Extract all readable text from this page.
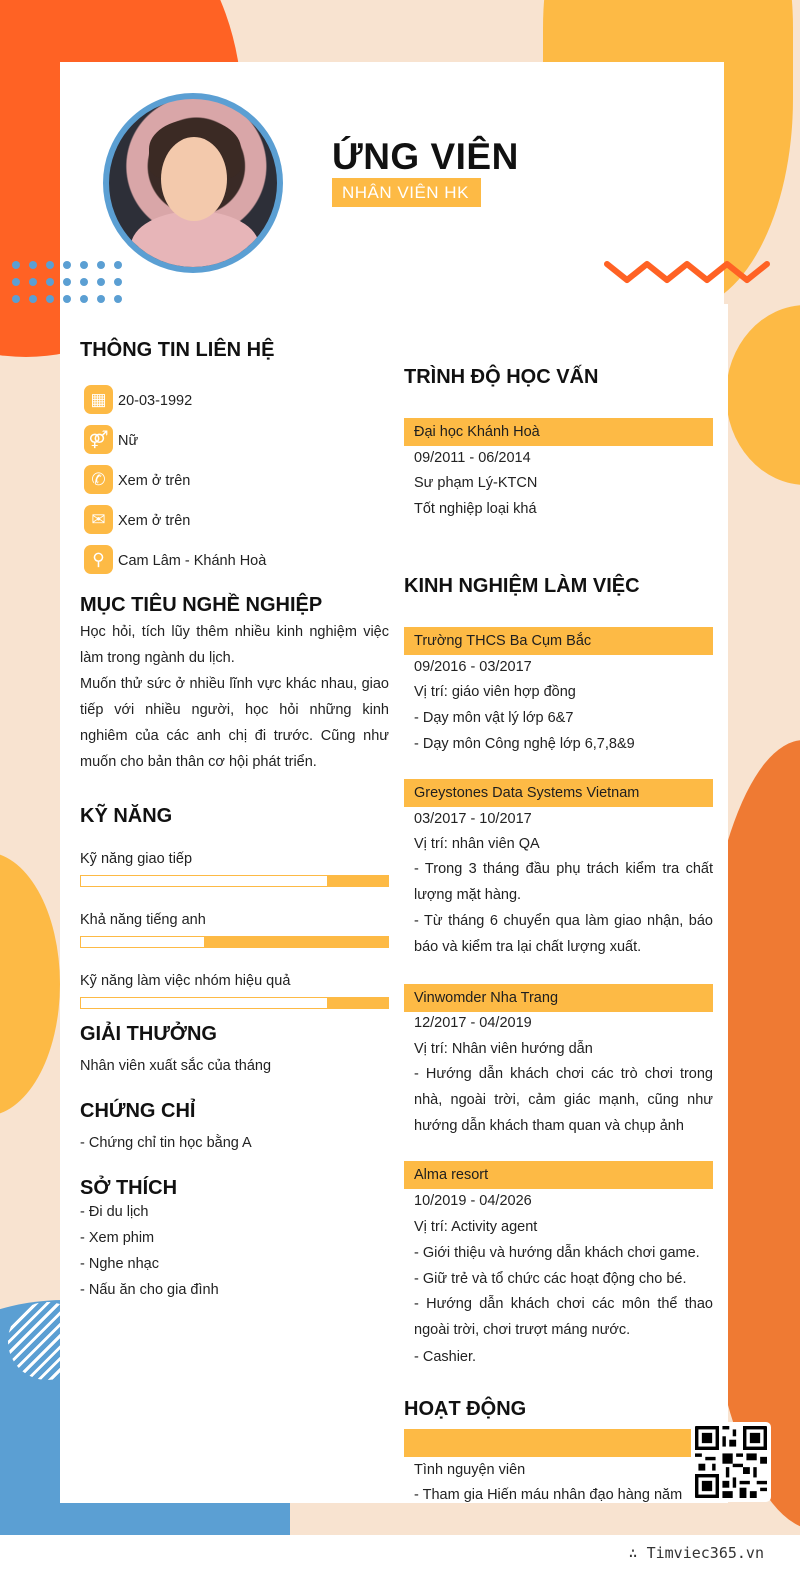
ỨNG VIÊN
NHÂN VIÊN HK
THÔNG TIN LIÊN HỆ
▦ 20-03-1992
⚤ Nữ
✆ Xem ở trên
✉ Xem ở trên
⚲ Cam Lâm - Khánh Hoà
MỤC TIÊU NGHỀ NGHIỆP
Học hỏi, tích lũy thêm nhiều kinh nghiệm việc làm trong ngành du lịch.
Muốn thử sức ở nhiều lĩnh vực khác nhau, giao tiếp với nhiều người, học hỏi những kinh nghiêm của các anh chị đi trước. Cũng như muốn cho bản thân cơ hội phát triển.
KỸ NĂNG
Kỹ năng giao tiếp
Khả năng tiếng anh
Kỹ năng làm việc nhóm hiệu quả
GIẢI THƯỞNG
Nhân viên xuất sắc của tháng
CHỨNG CHỈ
- Chứng chỉ tin học bằng A
SỞ THÍCH
- Đi du lịch
- Xem phim
- Nghe nhạc
- Nấu ăn cho gia đình
TRÌNH ĐỘ HỌC VẤN
Đại học Khánh Hoà
09/2011 - 06/2014
Sư phạm Lý-KTCN
Tốt nghiệp loại khá
KINH NGHIỆM LÀM VIỆC
Trường THCS Ba Cụm Bắc
09/2016 - 03/2017
Vị trí: giáo viên hợp đồng
- Dạy môn vật lý lớp 6&7
- Dạy môn Công nghệ lớp 6,7,8&9
Greystones Data Systems Vietnam
03/2017 - 10/2017
Vị trí: nhân viên QA
- Trong 3 tháng đầu phụ trách kiểm tra chất lượng mặt hàng.
- Từ tháng 6 chuyển qua làm giao nhận, báo báo và kiểm tra lại chất lượng xuất.
Vinwomder Nha Trang
12/2017 - 04/2019
Vị trí: Nhân viên hướng dẫn
- Hướng dẫn khách chơi các trò chơi trong nhà, ngoài trời, cảm giác mạnh, cũng như hướng dẫn khách tham quan và chụp ảnh
Alma resort
10/2019 - 04/2026
Vị trí: Activity agent
- Giới thiệu và hướng dẫn khách chơi game.
- Giữ trẻ và tổ chức các hoạt động cho bé.
- Hướng dẫn khách chơi các môn thể thao ngoài trời, chơi trượt máng nước.
- Cashier.
HOẠT ĐỘNG
Tình nguyện viên
- Tham gia Hiến máu nhân đạo hàng năm
∴ Timviec365.vn
